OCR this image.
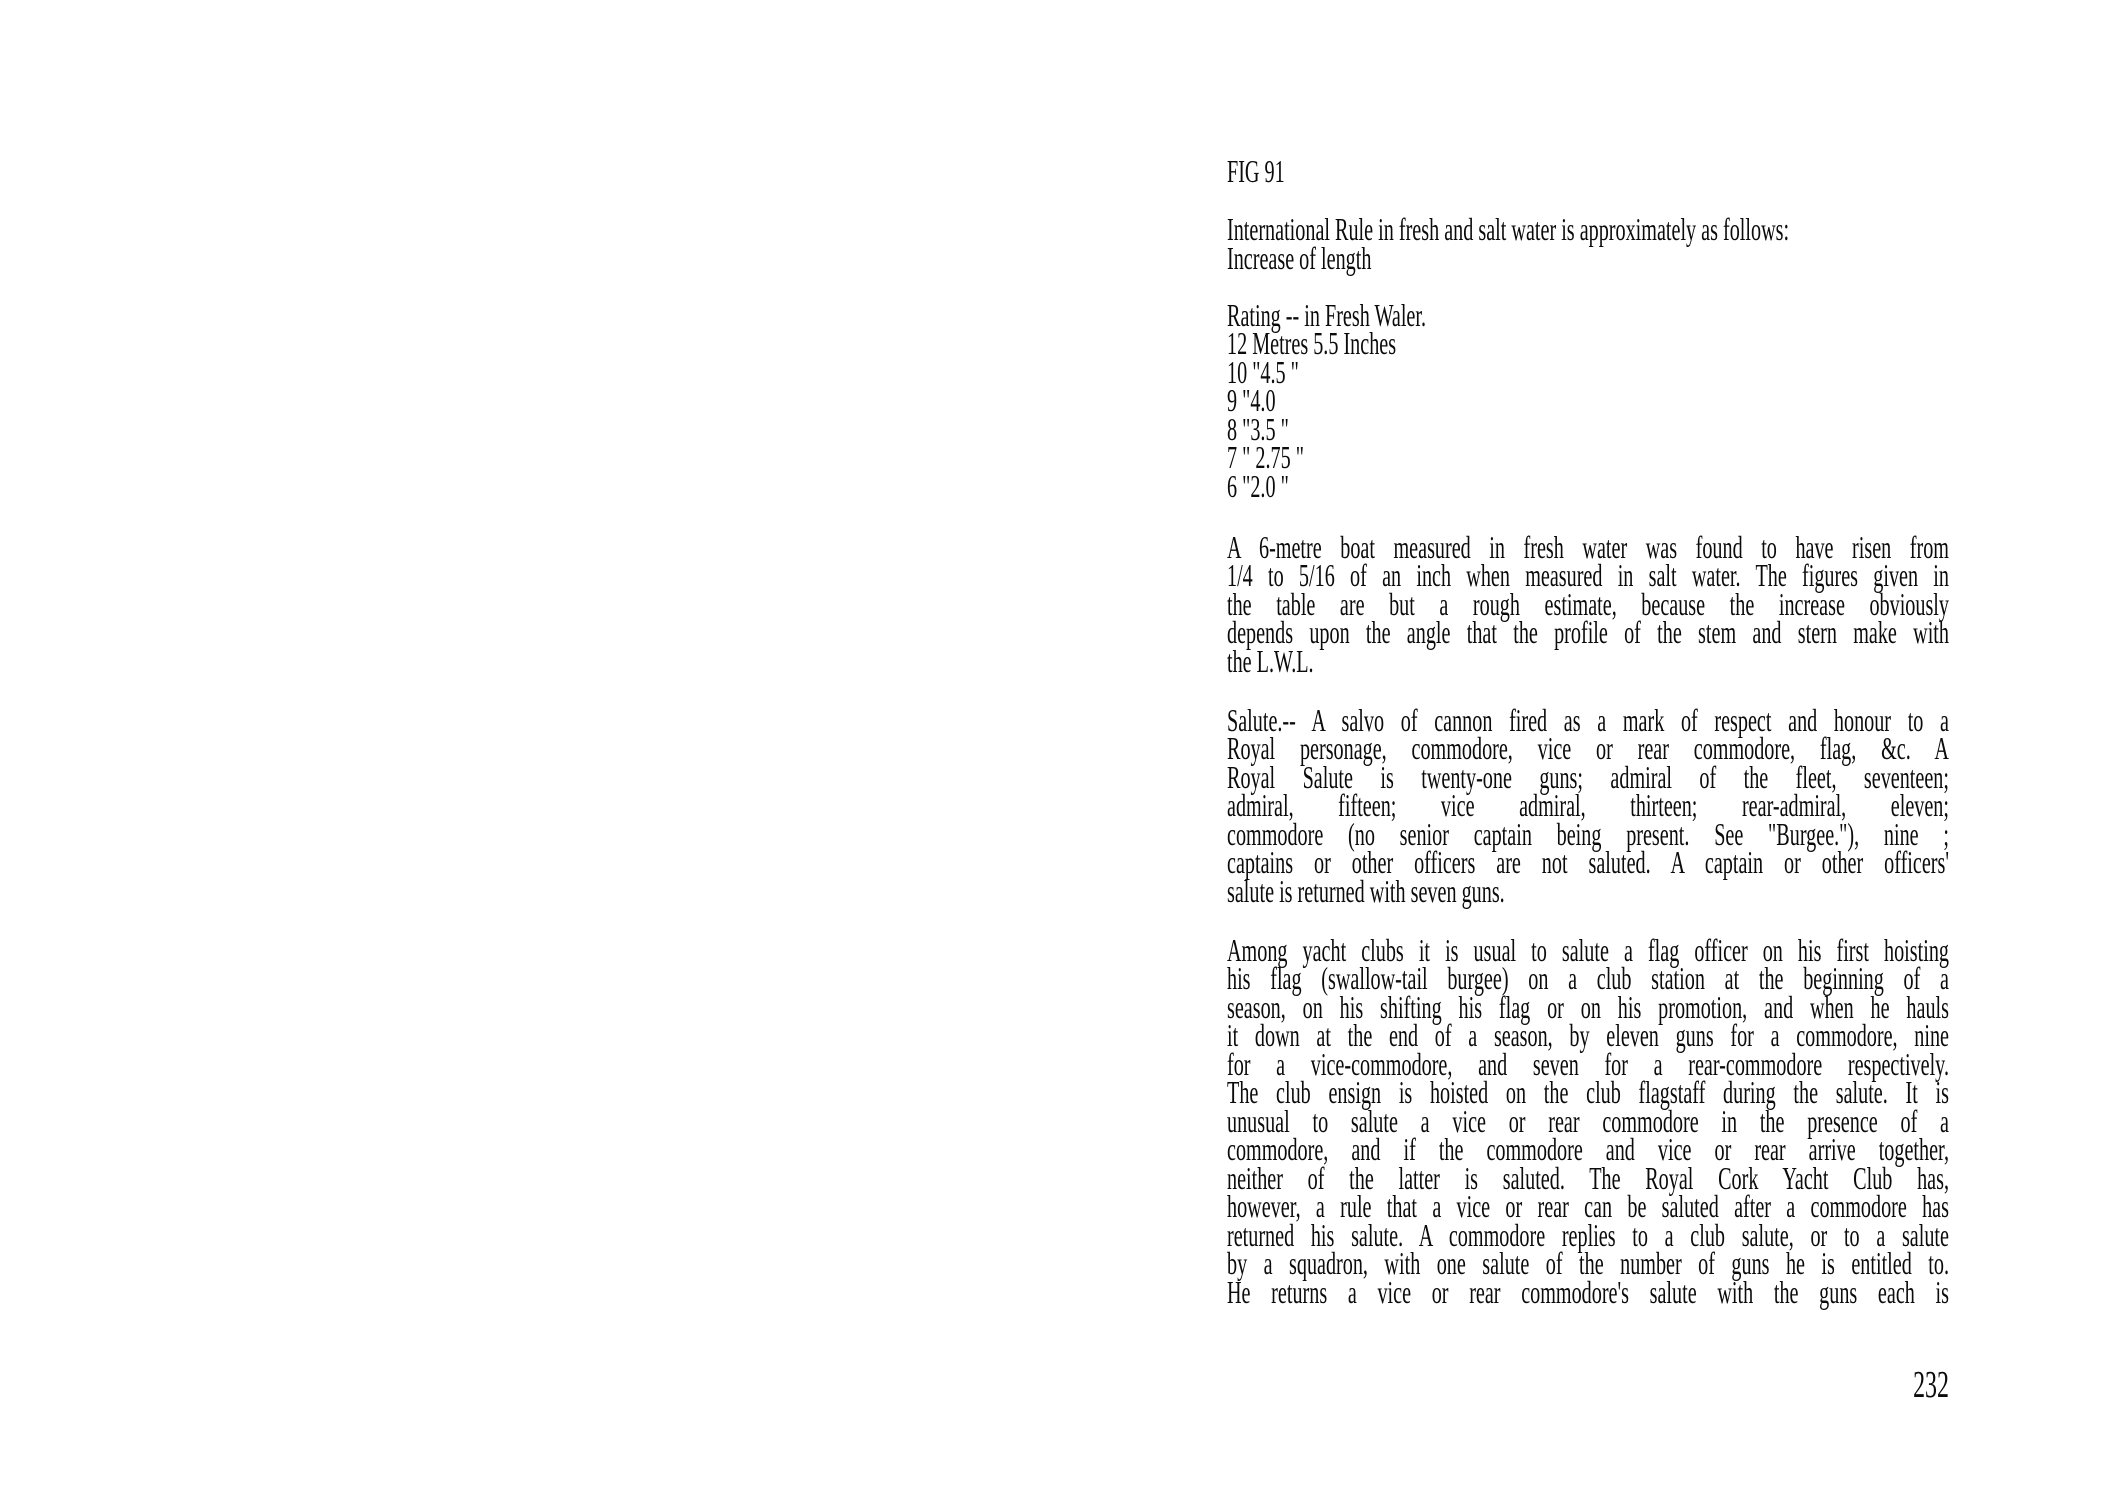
FIG 91
International Rule in fresh and salt water is approximately as follows:
Increase of length
Rating -- in Fresh Waler.
12 Metres 5.5 Inches
10 "4.5 "
9 "4.0
8 "3.5 "
7 " 2.75 "
6 "2.0 "
A 6-metre boat measured in fresh water was found to have risen from
1/4 to 5/16 of an inch when measured in salt water. The figures given in
the table are but a rough estimate, because the increase obviously
depends upon the angle that the profile of the stem and stern make with
the L.W.L.
Salute.-- A salvo of cannon fired as a mark of respect and honour to a
Royal personage, commodore, vice or rear commodore, flag, &c. A
Royal Salute is twenty-one guns; admiral of the fleet, seventeen;
admiral, fifteen; vice admiral, thirteen; rear-admiral, eleven;
commodore (no senior captain being present. See "Burgee."), nine ;
captains or other officers are not saluted. A captain or other officers'
salute is returned with seven guns.
Among yacht clubs it is usual to salute a flag officer on his first hoisting
his flag (swallow-tail burgee) on a club station at the beginning of a
season, on his shifting his flag or on his promotion, and when he hauls
it down at the end of a season, by eleven guns for a commodore, nine
for a vice-commodore, and seven for a rear-commodore respectively.
The club ensign is hoisted on the club flagstaff during the salute. It is
unusual to salute a vice or rear commodore in the presence of a
commodore, and if the commodore and vice or rear arrive together,
neither of the latter is saluted. The Royal Cork Yacht Club has,
however, a rule that a vice or rear can be saluted after a commodore has
returned his salute. A commodore replies to a club salute, or to a salute
by a squadron, with one salute of the number of guns he is entitled to.
He returns a vice or rear commodore's salute with the guns each is
232
